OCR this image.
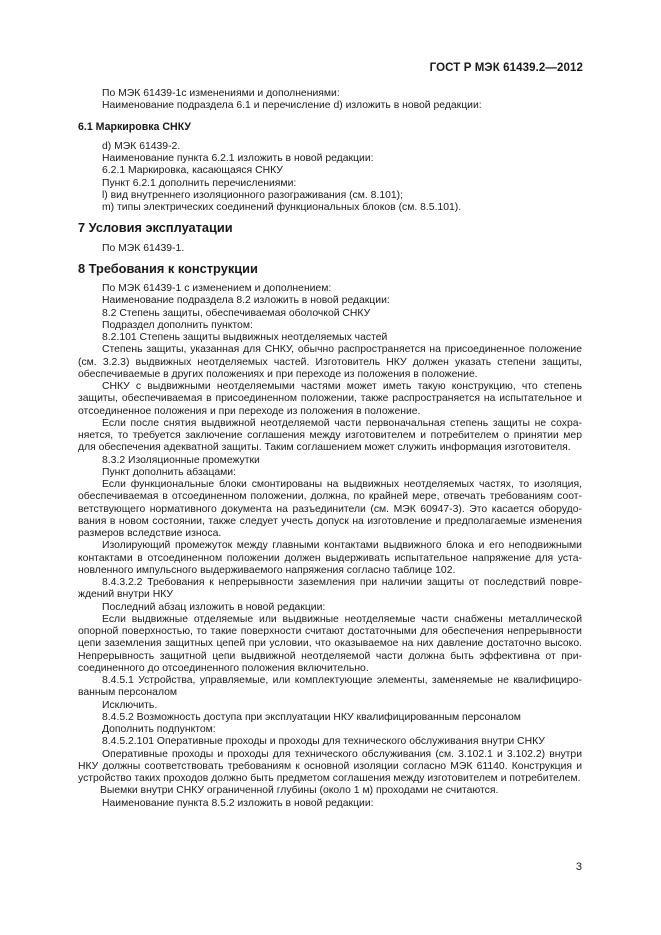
ГОСТ Р МЭК 61439.2—2012

По МЭК 61439-1с изменениями и дополнениями:

Наименование подраздела 6.1 и перечисление d) изложить в новой редакции:

6.1 Маркировка СНКУ

d) МЭК 61439-2.

Наименование пункта 6.2.1 изложить в новой редакции:

6.2.1 Маркировка, касающаяся СНКУ

Пункт 6.2.1 дополнить перечислениями:

l) вид внутреннего изоляционного разограживания (см. 8.101);

m) типы электрических соединений функциональных блоков (см. 8.5.101).

7 Условия эксплуатации

По МЭК 61439-1.

8 Требования к конструкции

По МЭК 61439-1 с изменением и дополнением:

Наименование подраздела 8.2 изложить в новой редакции:

8.2 Степень защиты, обеспечиваемая оболочкой СНКУ

Подраздел дополнить пунктом:

8.2.101 Степень защиты выдвижных неотделяемых частей

Степень защиты, указанная для СНКУ, обычно распространяется на присоединенное положение (см. 3.2.3) выдвижных неотделяемых частей. Изготовитель НКУ должен указать степени защиты, обеспечиваемые в других положениях и при переходе из положения в положение.

СНКУ с выдвижными неотделяемыми частями может иметь такую конструкцию, что степень защиты, обеспечиваемая в присоединенном положении, также распространяется на испытательное и отсоединенное положения и при переходе из положения в положение.

Если после снятия выдвижной неотделяемой части первоначальная степень защиты не сохраняется, то требуется заключение соглашения между изготовителем и потребителем о принятии мер для обеспечения адекватной защиты. Таким соглашением может служить информация изготовителя.

8.3.2 Изоляционные промежутки

Пункт дополнить абзацами:

Если функциональные блоки смонтированы на выдвижных неотделяемых частях, то изоляция, обеспечиваемая в отсоединенном положении, должна, по крайней мере, отвечать требованиям соответствующего нормативного документа на разъединители (см. МЭК 60947-3). Это касается оборудования в новом состоянии, также следует учесть допуск на изготовление и предполагаемые изменения размеров вследствие износа.

Изолирующий промежуток между главными контактами выдвижного блока и его неподвижными контактами в отсоединенном положении должен выдерживать испытательное напряжение для установленного импульсного выдерживаемого напряжения согласно таблице 102.

8.4.3.2.2 Требования к непрерывности заземления при наличии защиты от последствий повреждений внутри НКУ

Последний абзац изложить в новой редакции:

Если выдвижные отделяемые или выдвижные неотделяемые части снабжены металлической опорной поверхностью, то такие поверхности считают достаточными для обеспечения непрерывности цепи заземления защитных цепей при условии, что оказываемое на них давление достаточно высоко. Непрерывность защитной цепи выдвижной неотделяемой части должна быть эффективна от присоединенного до отсоединенного положения включительно.

8.4.5.1 Устройства, управляемые, или комплектующие элементы, заменяемые не квалифицированным персоналом

Исключить.

8.4.5.2 Возможность доступа при эксплуатации НКУ квалифицированным персоналом

Дополнить подпунктом:

8.4.5.2.101 Оперативные проходы и проходы для технического обслуживания внутри СНКУ

Оперативные проходы и проходы для технического обслуживания (см. 3.102.1 и 3.102.2) внутри НКУ должны соответствовать требованиям к основной изоляции согласно МЭК 61140. Конструкция и устройство таких проходов должно быть предметом соглашения между изготовителем и потребителем.

Выемки внутри СНКУ ограниченной глубины (около 1 м) проходами не считаются.

Наименование пункта 8.5.2 изложить в новой редакции:

3
